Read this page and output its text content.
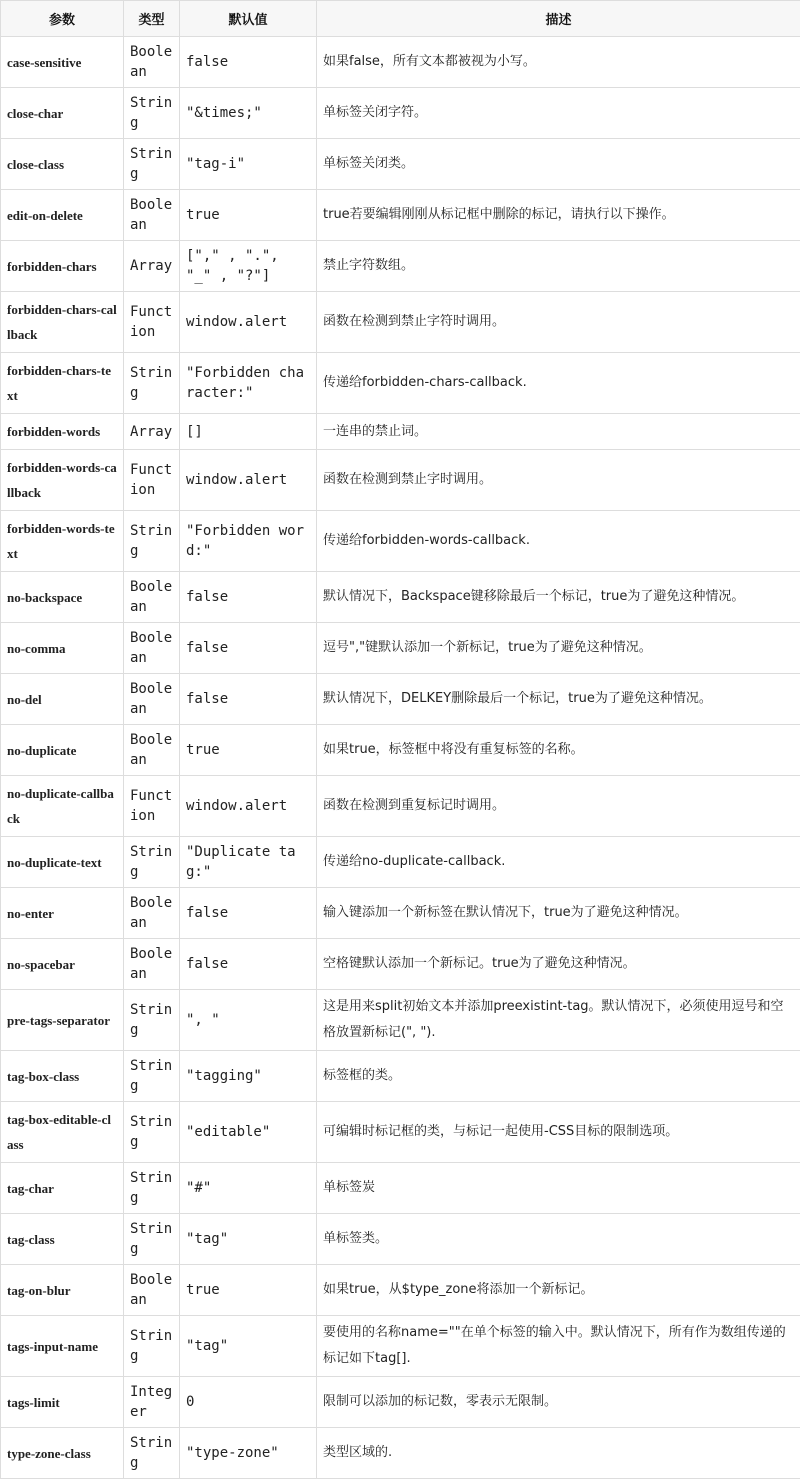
参数	类型	默认值	描述
case-sensitive	Boolean	false	如果false，所有文本都被视为小写。
close-char	String	"&times;"	单标签关闭字符。
close-class	String	"tag-i"	单标签关闭类。
edit-on-delete	Boolean	true	true若要编辑刚刚从标记框中删除的标记，请执行以下操作。
forbidden-chars	Array	["," , ".", "_" , "?"]	禁止字符数组。
forbidden-chars-callback	Function	window.alert	函数在检测到禁止字符时调用。
forbidden-chars-text	String	"Forbidden character:"	传递给forbidden-chars-callback.
forbidden-words	Array	[]	一连串的禁止词。
forbidden-words-callback	Function	window.alert	函数在检测到禁止字时调用。
forbidden-words-text	String	"Forbidden word:"	传递给forbidden-words-callback.
no-backspace	Boolean	false	默认情况下，Backspace键移除最后一个标记，true为了避免这种情况。
no-comma	Boolean	false	逗号","键默认添加一个新标记，true为了避免这种情况。
no-del	Boolean	false	默认情况下，DELKEY删除最后一个标记，true为了避免这种情况。
no-duplicate	Boolean	true	如果true，标签框中将没有重复标签的名称。
no-duplicate-callback	Function	window.alert	函数在检测到重复标记时调用。
no-duplicate-text	String	"Duplicate tag:"	传递给no-duplicate-callback.
no-enter	Boolean	false	输入键添加一个新标签在默认情况下，true为了避免这种情况。
no-spacebar	Boolean	false	空格键默认添加一个新标记。true为了避免这种情况。
pre-tags-separator	String	", "	这是用来split初始文本并添加preexistint-tag。默认情况下，必须使用逗号和空格放置新标记(", ").
tag-box-class	String	"tagging"	标签框的类。
tag-box-editable-class	String	"editable"	可编辑时标记框的类，与标记一起使用-CSS目标的限制选项。
tag-char	String	"#"	单标签炭
tag-class	String	"tag"	单标签类。
tag-on-blur	Boolean	true	如果true，从$type_zone将添加一个新标记。
tags-input-name	String	"tag"	要使用的名称name=""在单个标签的输入中。默认情况下，所有作为数组传递的标记如下tag[].
tags-limit	Integer	0	限制可以添加的标记数，零表示无限制。
type-zone-class	String	"type-zone"	类型区域的.
